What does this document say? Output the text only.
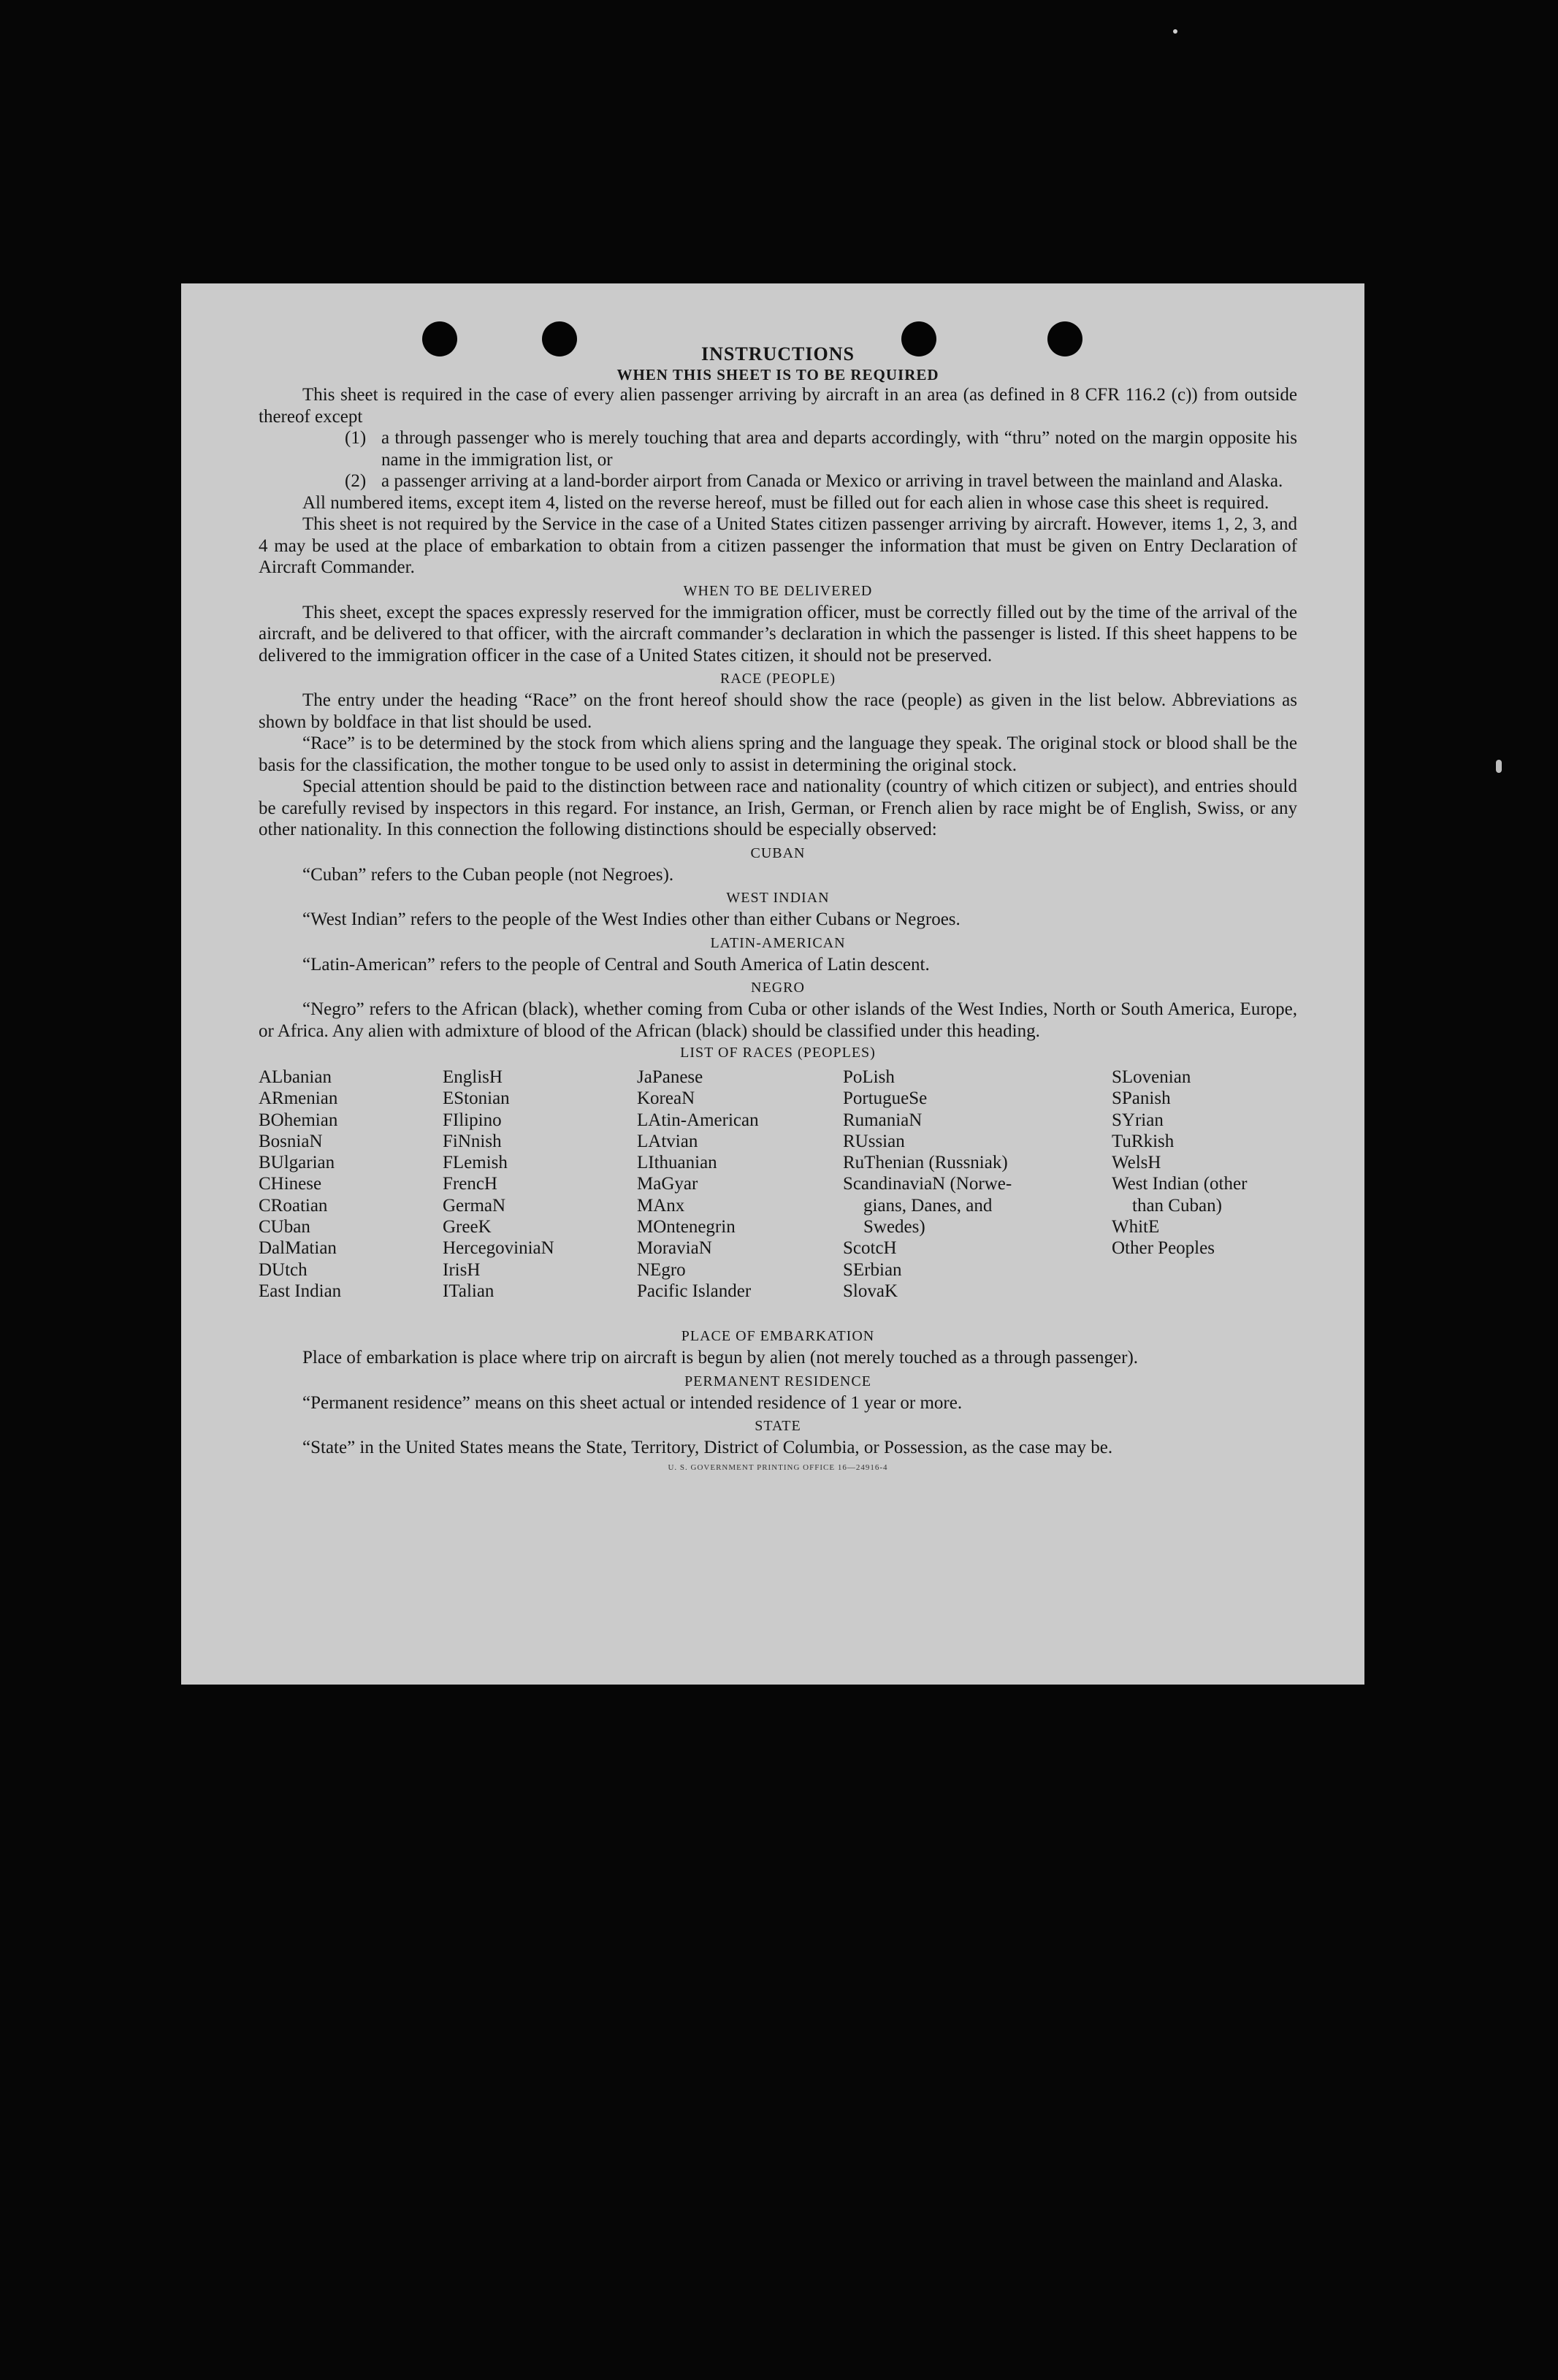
INSTRUCTIONS
WHEN THIS SHEET IS TO BE REQUIRED

This sheet is required in the case of every alien passenger arriving by aircraft in an area (as defined in 8 CFR 116.2 (c)) from outside thereof except

(1) a through passenger who is merely touching that area and departs accordingly, with “thru” noted on the margin opposite his name in the immigration list, or
(2) a passenger arriving at a land-border airport from Canada or Mexico or arriving in travel between the mainland and Alaska.

All numbered items, except item 4, listed on the reverse hereof, must be filled out for each alien in whose case this sheet is required.

This sheet is not required by the Service in the case of a United States citizen passenger arriving by aircraft. However, items 1, 2, 3, and 4 may be used at the place of embarkation to obtain from a citizen passenger the information that must be given on Entry Declaration of Aircraft Commander.

WHEN TO BE DELIVERED

This sheet, except the spaces expressly reserved for the immigration officer, must be correctly filled out by the time of the arrival of the aircraft, and be delivered to that officer, with the aircraft commander’s declaration in which the passenger is listed. If this sheet happens to be delivered to the immigration officer in the case of a United States citizen, it should not be preserved.

RACE (PEOPLE)

The entry under the heading “Race” on the front hereof should show the race (people) as given in the list below. Abbreviations as shown by boldface in that list should be used.

“Race” is to be determined by the stock from which aliens spring and the language they speak. The original stock or blood shall be the basis for the classification, the mother tongue to be used only to assist in determining the original stock.

Special attention should be paid to the distinction between race and nationality (country of which citizen or subject), and entries should be carefully revised by inspectors in this regard. For instance, an Irish, German, or French alien by race might be of English, Swiss, or any other nationality. In this connection the following distinctions should be especially observed:

CUBAN

“Cuban” refers to the Cuban people (not Negroes).

WEST INDIAN

“West Indian” refers to the people of the West Indies other than either Cubans or Negroes.

LATIN-AMERICAN

“Latin-American” refers to the people of Central and South America of Latin descent.

NEGRO

“Negro” refers to the African (black), whether coming from Cuba or other islands of the West Indies, North or South America, Europe, or Africa. Any alien with admixture of blood of the African (black) should be classified under this heading.

LIST OF RACES (PEOPLES)
ALbanian
ARmenian
BOhemian
BosniaN
BUlgarian
CHinese
CRoatian
CUban
DalMatian
DUtch
East Indian
EnglisH
EStonian
FIlipino
FiNnish
FLemish
FrencH
GermaN
GreeK
HercegovinіaN
IrisH
ITalian
JaPanese
KoreaN
LAtin-American
LAtvian
LIthuanian
MaGyar
MAnx
MOntenegrin
MoraviaN
NEgro
Pacific Islander
PoLish
PortugueSe
RumaniaN
RUssian
RuThenian (Russniak)
ScandinaviaN (Norwe-
gians, Danes, and
Swedes)
ScotcH
SErbian
SlovaK
SLovenian
SPanish
SYrian
TuRkish
WelsH
West Indian (other
than Cuban)
WhitE
Other Peoples
PLACE OF EMBARKATION

Place of embarkation is place where trip on aircraft is begun by alien (not merely touched as a through passenger).

PERMANENT RESIDENCE

“Permanent residence” means on this sheet actual or intended residence of 1 year or more.

STATE

“State” in the United States means the State, Territory, District of Columbia, or Possession, as the case may be.

U. S. GOVERNMENT PRINTING OFFICE 16—24916-4
